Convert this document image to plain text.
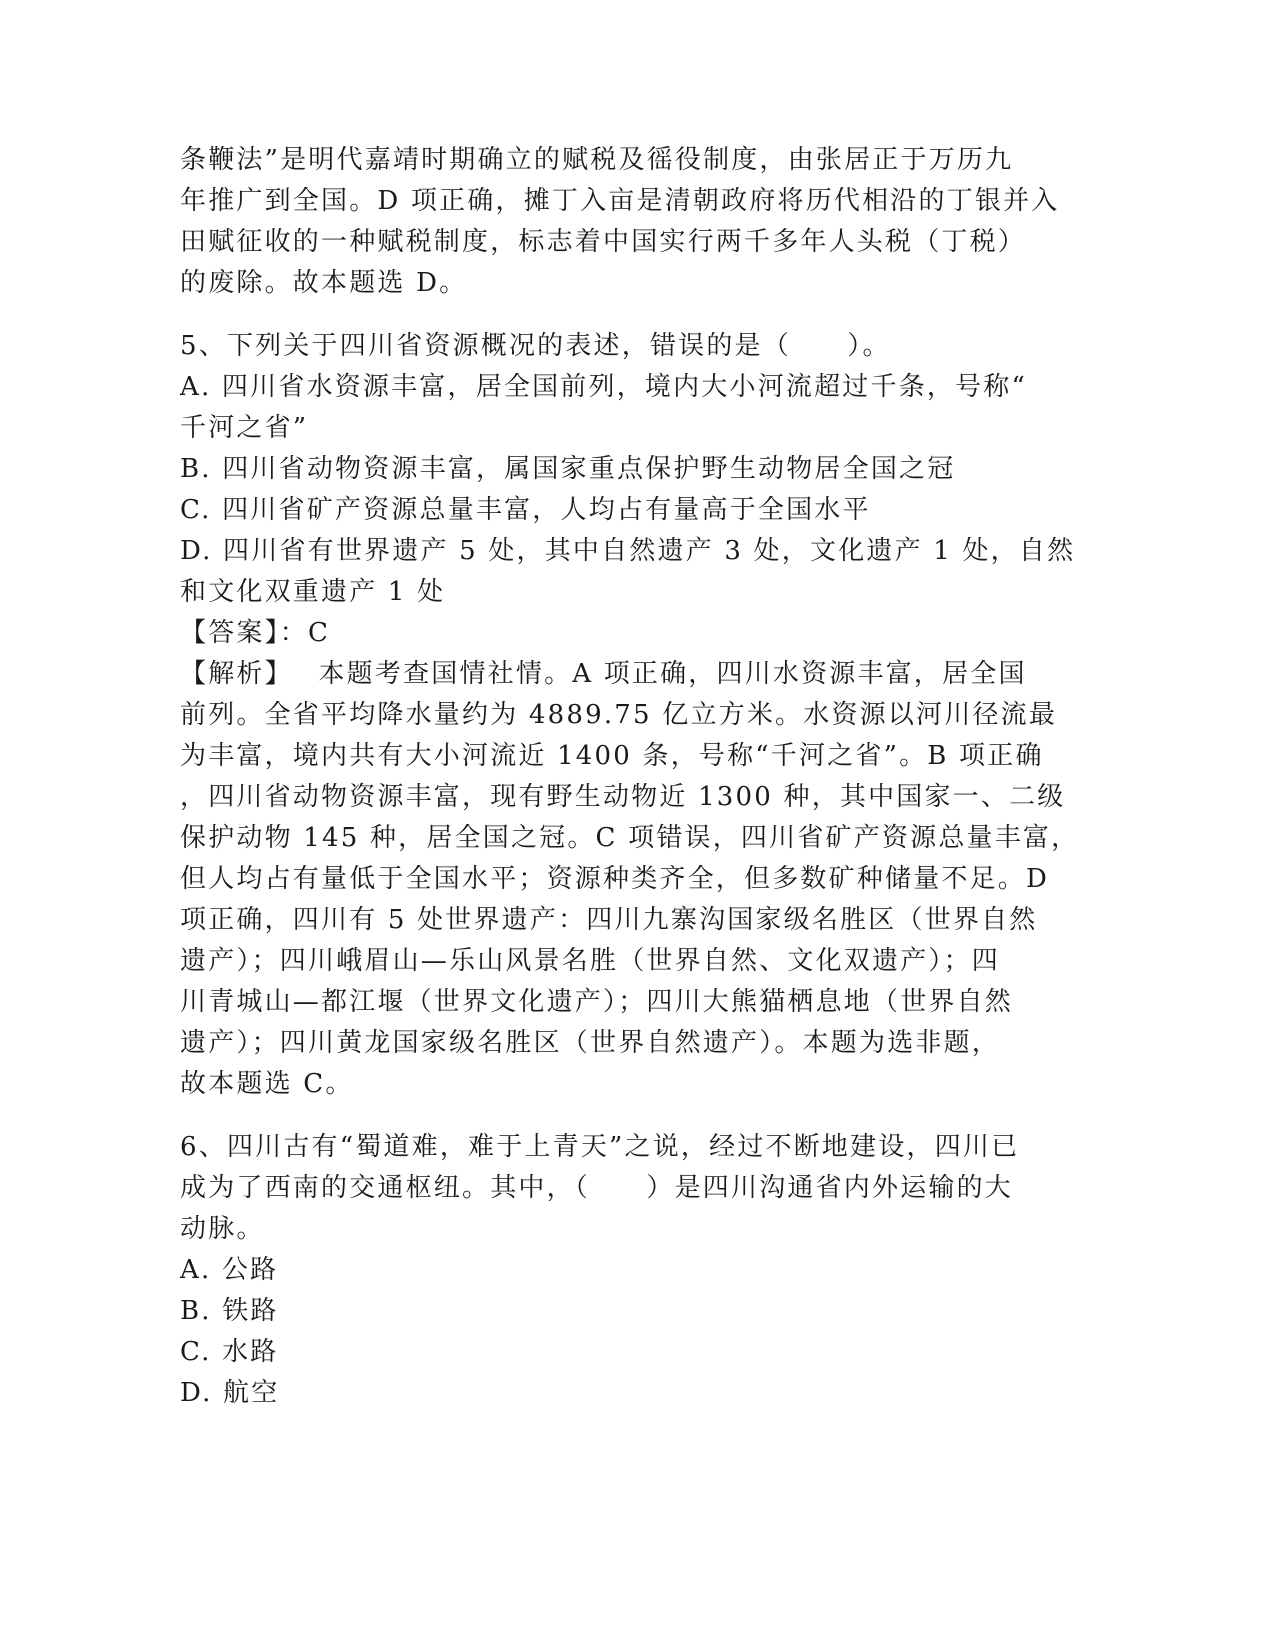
条鞭法”是明代嘉靖时期确立的赋税及徭役制度，由张居正于万历九
年推广到全国。D 项正确，摊丁入亩是清朝政府将历代相沿的丁银并入
田赋征收的一种赋税制度，标志着中国实行两千多年人头税（丁税）
的废除。故本题选 D。
5、下列关于四川省资源概况的表述，错误的是（　　）。
A. 四川省水资源丰富，居全国前列，境内大小河流超过千条，号称“
千河之省”
B. 四川省动物资源丰富，属国家重点保护野生动物居全国之冠
C. 四川省矿产资源总量丰富，人均占有量高于全国水平
D. 四川省有世界遗产 5 处，其中自然遗产 3 处，文化遗产 1 处，自然
和文化双重遗产 1 处
【答案】：C
【解析】　 本题考查国情社情。A 项正确，四川水资源丰富，居全国
前列。全省平均降水量约为 4889.75 亿立方米。水资源以河川径流最
为丰富，境内共有大小河流近 1400 条，号称“千河之省”。B 项正确
，四川省动物资源丰富，现有野生动物近 1300 种，其中国家一、二级
保护动物 145 种，居全国之冠。C 项错误，四川省矿产资源总量丰富，
但人均占有量低于全国水平；资源种类齐全，但多数矿种储量不足。D
项正确，四川有 5 处世界遗产：四川九寨沟国家级名胜区（世界自然
遗产）；四川峨眉山—乐山风景名胜（世界自然、文化双遗产）；四
川青城山—都江堰（世界文化遗产）；四川大熊猫栖息地（世界自然
遗产）；四川黄龙国家级名胜区（世界自然遗产）。本题为选非题，
故本题选 C。
6、四川古有“蜀道难，难于上青天”之说，经过不断地建设，四川已
成为了西南的交通枢纽。其中，（　　）是四川沟通省内外运输的大
动脉。
A. 公路
B. 铁路
C. 水路
D. 航空
